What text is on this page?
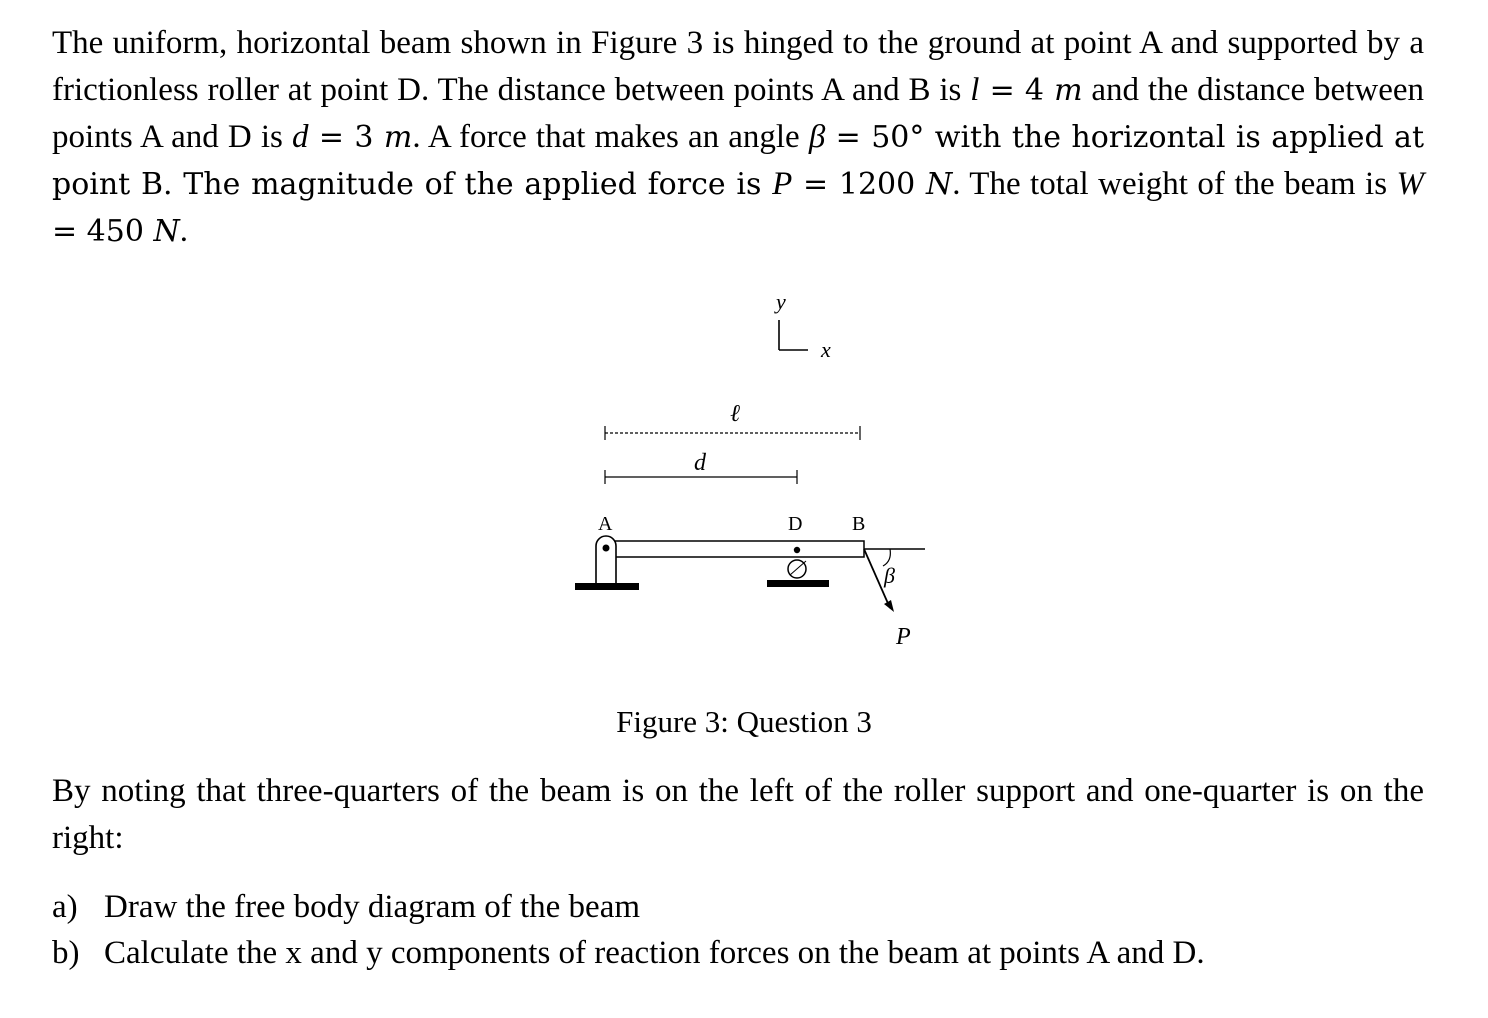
The uniform, horizontal beam shown in Figure 3 is hinged to the ground at point A and supported by a frictionless roller at point D. The distance between points A and B is l = 4 m and the distance between points A and D is d = 3 m. A force that makes an angle β = 50° with the horizontal is applied at point B. The magnitude of the applied force is P = 1200 N. The total weight of the beam is W = 450 N.
y
x
ℓ
d
A	D B
β
P
Figure 3: Question 3
By noting that three-quarters of the beam is on the left of the roller support and one-quarter is on the right:
a) Draw the free body diagram of the beam
b) Calculate the x and y components of reaction forces on the beam at points A and D.
